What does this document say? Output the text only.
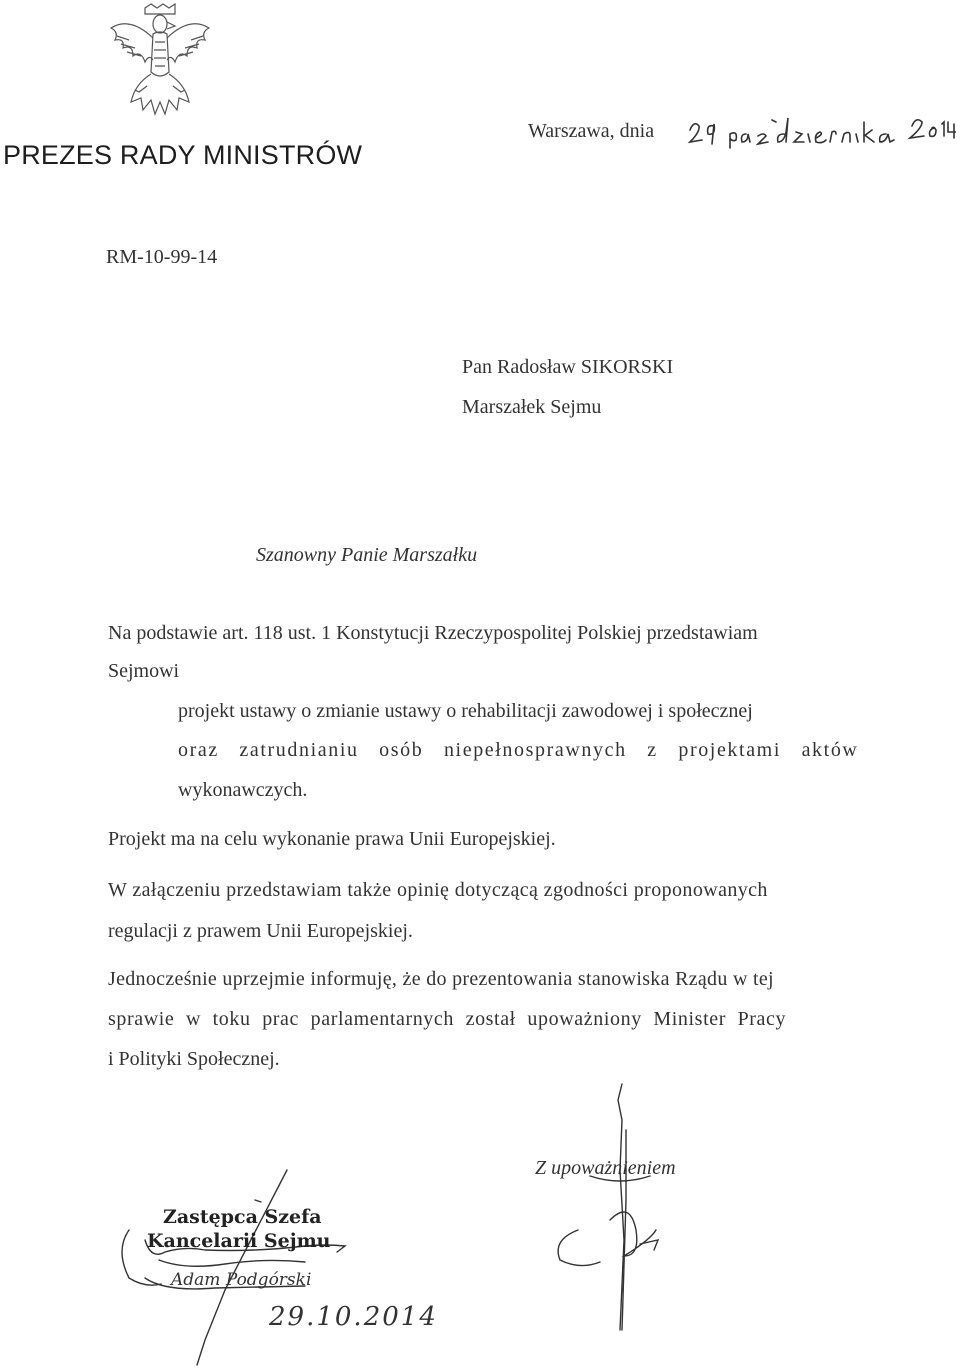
PREZES RADY MINISTRÓW
Warszawa, dnia
RM-10-99-14
Pan Radosław SIKORSKI
Marszałek Sejmu
Szanowny Panie Marszałku
Na podstawie art. 118 ust. 1 Konstytucji Rzeczypospolitej Polskiej przedstawiam
Sejmowi
projekt ustawy o zmianie ustawy o rehabilitacji zawodowej i społecznej
oraz zatrudnianiu osób niepełnosprawnych z projektami aktów
wykonawczych.
Projekt ma na celu wykonanie prawa Unii Europejskiej.
W załączeniu przedstawiam także opinię dotyczącą zgodności proponowanych
regulacji z prawem Unii Europejskiej.
Jednocześnie uprzejmie informuję, że do prezentowania stanowiska Rządu w tej
sprawie w toku prac parlamentarnych został upoważniony Minister Pracy
i Polityki Społecznej.
Zastępca Szefa
Kancelarii Sejmu
Adam Podgórski
29.10.2014
Z upoważnieniem
